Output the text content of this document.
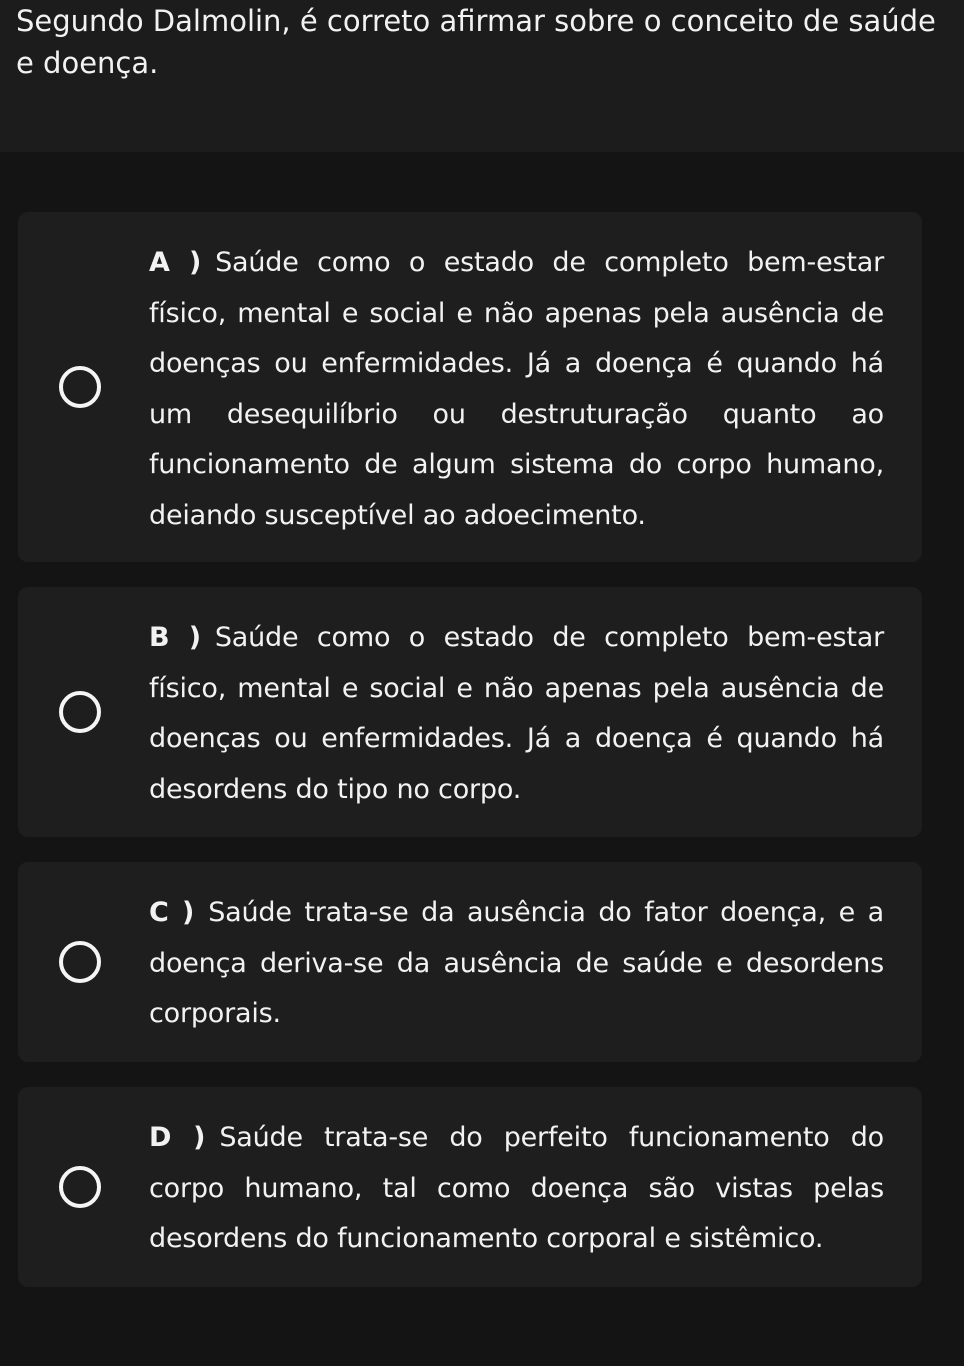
Segundo Dalmolin, é correto afirmar sobre o conceito de saúde e doença.

A ) Saúde como o estado de completo bem-estar físico, mental e social e não apenas pela ausência de doenças ou enfermidades. Já a doença é quando há um desequilíbrio ou destruturação quanto ao funcionamento de algum sistema do corpo humano, deiando susceptível ao adoecimento.
B ) Saúde como o estado de completo bem-estar físico, mental e social e não apenas pela ausência de doenças ou enfermidades. Já a doença é quando há desordens do tipo no corpo.
C ) Saúde trata-se da ausência do fator doença, e a doença deriva-se da ausência de saúde e desordens corporais.
D ) Saúde trata-se do perfeito funcionamento do corpo humano, tal como doença são vistas pelas desordens do funcionamento corporal e sistêmico.
